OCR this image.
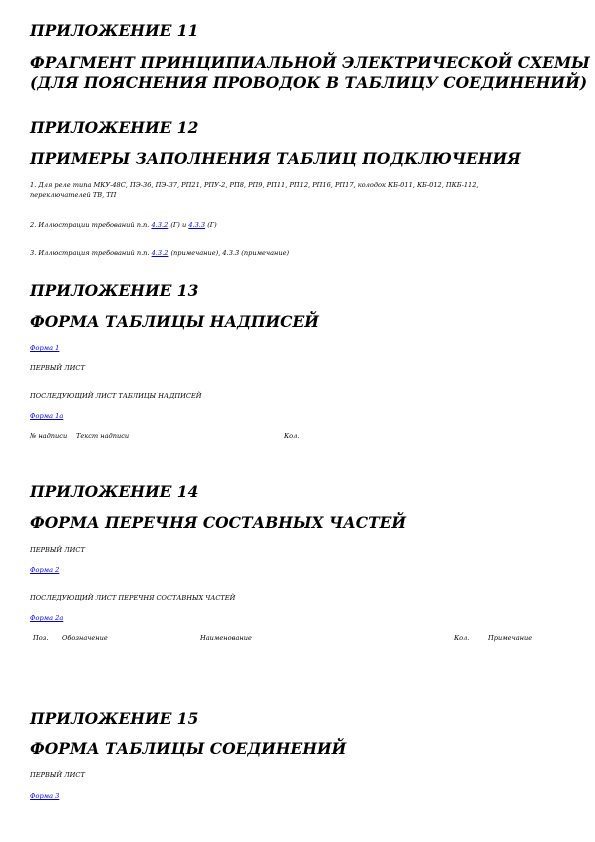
ПРИЛОЖЕНИЕ 11
ФРАГМЕНТ ПРИНЦИПИАЛЬНОЙ ЭЛЕКТРИЧЕСКОЙ СХЕМЫ
(ДЛЯ ПОЯСНЕНИЯ ПРОВОДОК В ТАБЛИЦУ СОЕДИНЕНИЙ)
ПРИЛОЖЕНИЕ 12
ПРИМЕРЫ ЗАПОЛНЕНИЯ ТАБЛИЦ ПОДКЛЮЧЕНИЯ

1. Для реле типа МКУ-48С, ПЭ-36, ПЭ-37, РП21, РПУ-2, РП8, РП9, РП11, РП12, РП16, РП17, колодок КБ-011, КБ-012, ПКБ-112,

переключателей ТВ, ТП

2. Иллюстрации требований п.п. 4.3.2 (Г) и 4.3.3 (Г)

3. Иллюстрация требований п.п. 4.3.2 (примечание), 4.3.3 (примечание)

ПРИЛОЖЕНИЕ 13
ФОРМА ТАБЛИЦЫ НАДПИСЕЙ

Форма 1

ПЕРВЫЙ ЛИСТ

ПОСЛЕДУЮЩИЙ ЛИСТ ТАБЛИЦЫ НАДПИСЕЙ

Форма 1а

№ надписи Текст надписи	Кол.
ПРИЛОЖЕНИЕ 14
ФОРМА ПЕРЕЧНЯ СОСТАВНЫХ ЧАСТЕЙ

ПЕРВЫЙ ЛИСТ

Форма 2

ПОСЛЕДУЮЩИЙ ЛИСТ ПЕРЕЧНЯ СОСТАВНЫХ ЧАСТЕЙ

Форма 2а

Поз. Обозначение	Наименование	Кол.	Примечание
ПРИЛОЖЕНИЕ 15
ФОРМА ТАБЛИЦЫ СОЕДИНЕНИЙ

ПЕРВЫЙ ЛИСТ

Форма 3
